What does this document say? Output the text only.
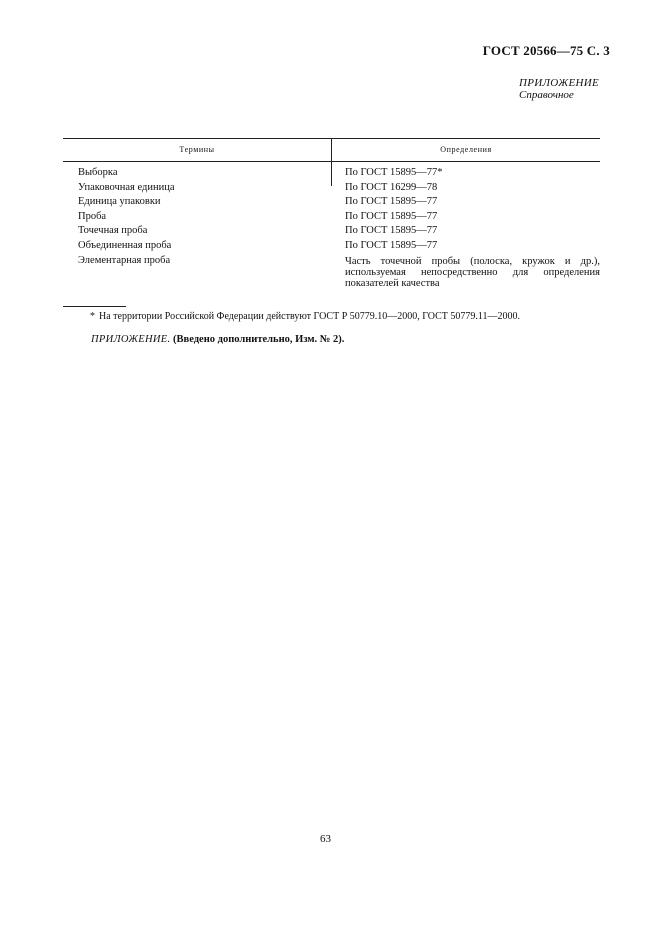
ГОСТ 20566—75 С. 3
ПРИЛОЖЕНИЕ
Справочное
Термины	Определения
Выборка	По ГОСТ 15895—77*
Упаковочная единица	По ГОСТ 16299—78
Единица упаковки	По ГОСТ 15895—77
Проба	По ГОСТ 15895—77
Точечная проба	По ГОСТ 15895—77
Объединенная проба	По ГОСТ 15895—77
Элементарная проба	Часть точечной пробы (полоска, кружок и др.), используемая непосредственно для определения показателей качества
* На территории Российской Федерации действуют ГОСТ Р 50779.10—2000, ГОСТ 50779.11—2000.
ПРИЛОЖЕНИЕ. (Введено дополнительно, Изм. № 2).
63
